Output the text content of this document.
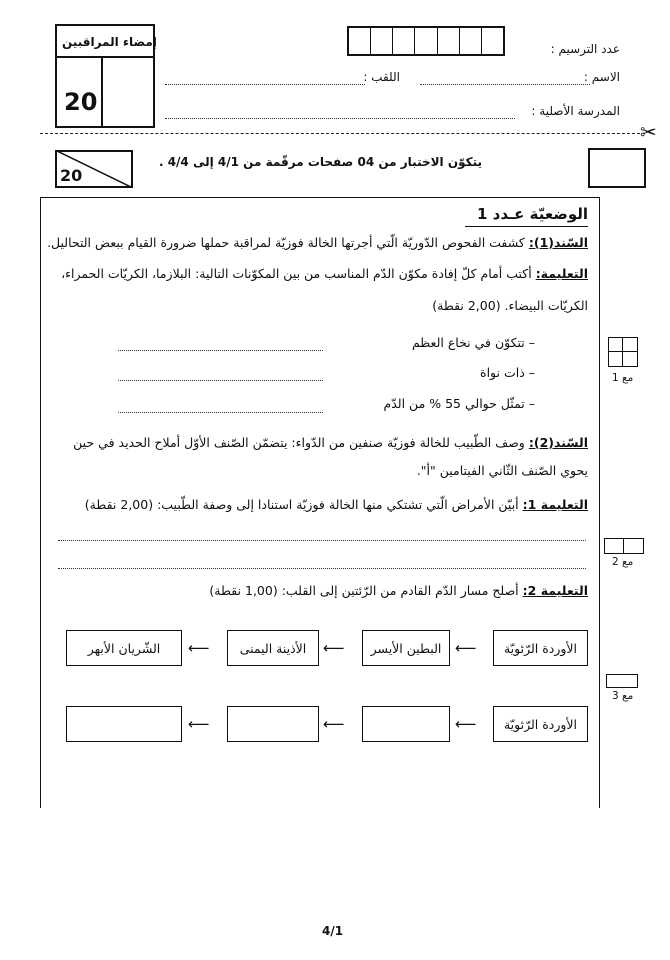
إمضاء المراقبين
20
عدد الترسيم :
الاسم :
اللقب :
المدرسة الأصلية :
✂
20
يتكوّن الاختبار من 04 صفحات مرقّمة من 4/1 إلى 4/4 .
الوضعيّة عـدد 1
السّند(1): كشفت الفحوص الدّوريّة الّتي أجرتها الخالة فوزيّة لمراقبة حملها ضرورة القيام ببعض التحاليل.
التعليمة: أكتب أمام كلّ إفادة مكوّن الدّم المناسب من بين المكوّنات التالية: البلازما، الكريّات الحمراء،
الكريّات البيضاء. (2,00 نقطة)
– تتكوّن في نخاع العظم
– ذات نواة
– تمثّل حوالي 55 % من الدّم
السّند(2): وصف الطّبيب للخالة فوزيّة صنفين من الدّواء: يتضمّن الصّنف الأوّل أملاح الحديد في حين
يحوي الصّنف الثّاني الفيتامين "أ".
التعليمة 1: أبيّن الأمراض الّتي تشتكي منها الخالة فوزيّة استنادا إلى وصفة الطّبيب: (2,00 نقطة)
التعليمة 2: أصلح مسار الدّم القادم من الرّئتين إلى القلب: (1,00 نقطة)
الأوردة الرّئويّة
البطين الأيسر
الأذينة اليمنى
الشّريان الأبهر	⟵
⟵
⟵
الأوردة الرّئويّة
⟵
⟵
⟵
مع 1
مع 2
مع 3
4/1
